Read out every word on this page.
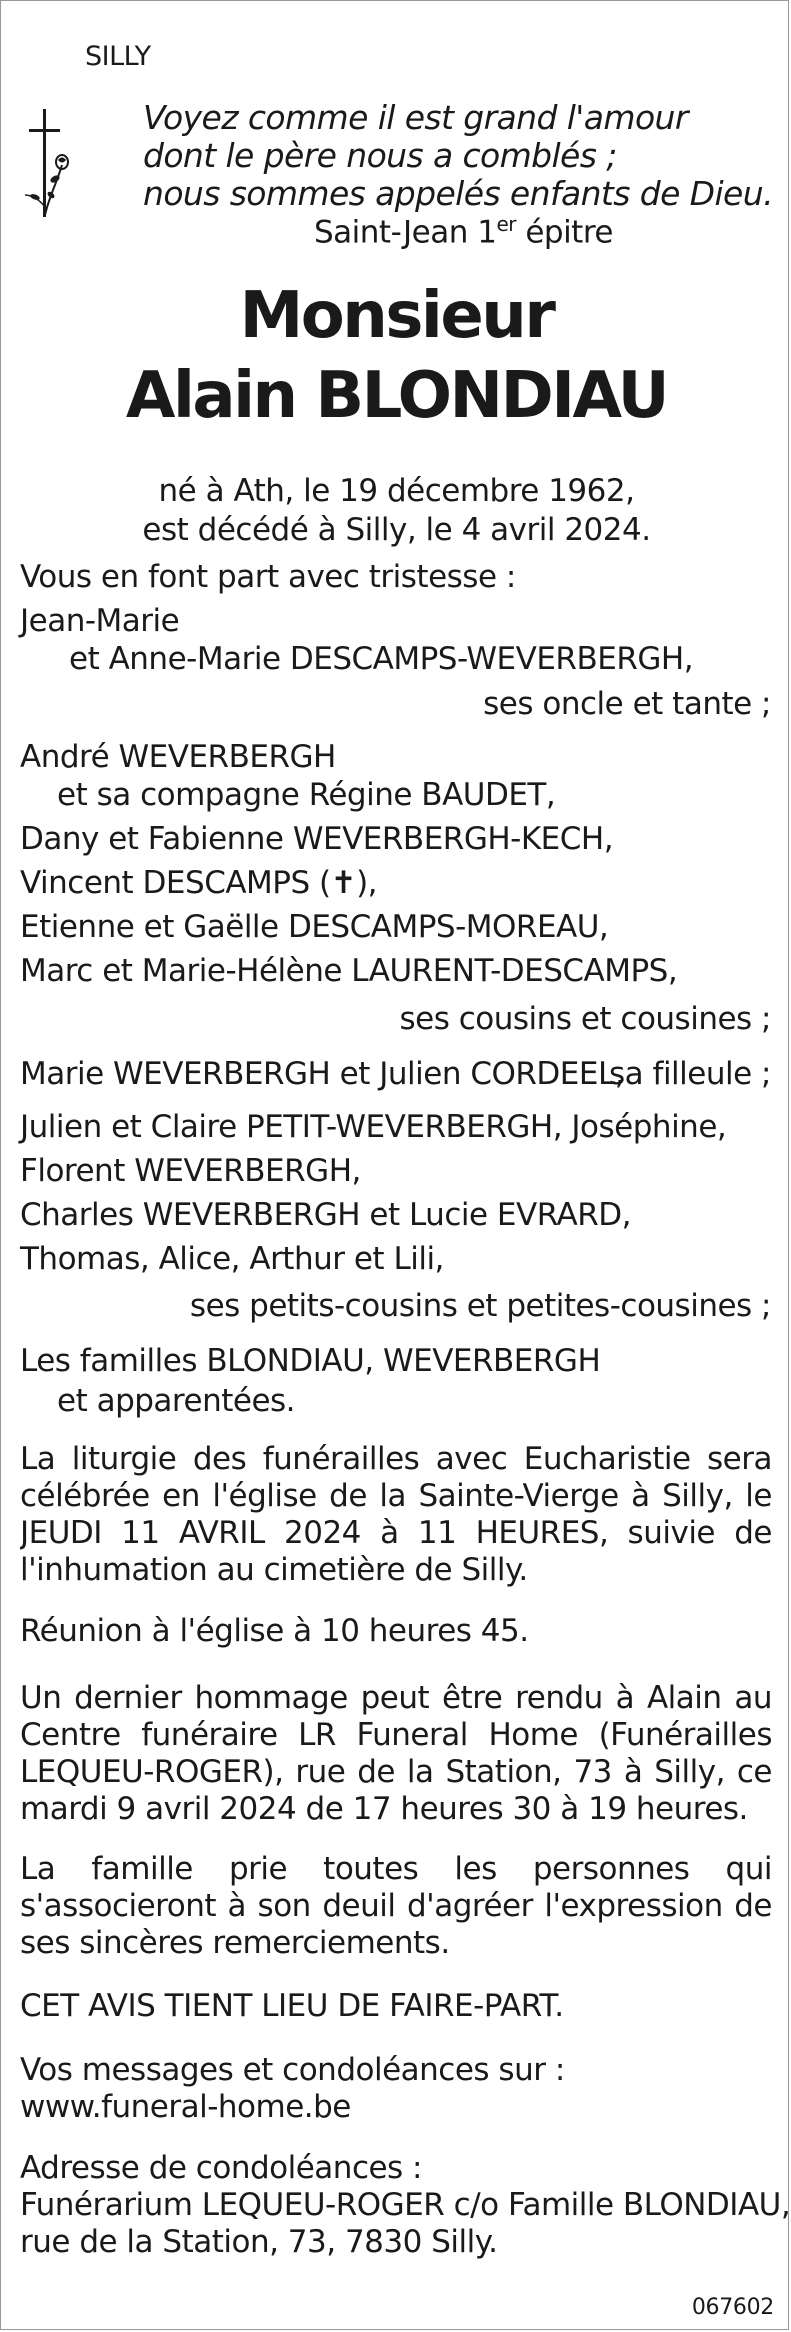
SILLY
Voyez comme il est grand l'amour
dont le père nous a comblés ;
nous sommes appelés enfants de Dieu.
Saint-Jean 1er épitre
Monsieur
Alain BLONDIAU
né à Ath, le 19 décembre 1962,
est décédé à Silly, le 4 avril 2024.
Vous en font part avec tristesse :
Jean-Marie
et Anne-Marie DESCAMPS-WEVERBERGH,
ses oncle et tante ;
André WEVERBERGH
et sa compagne Régine BAUDET,
Dany et Fabienne WEVERBERGH-KECH,
Vincent DESCAMPS (✝),
Etienne et Gaëlle DESCAMPS-MOREAU,
Marc et Marie-Hélène LAURENT-DESCAMPS,
ses cousins et cousines ;
Marie WEVERBERGH et Julien CORDEEL,
sa filleule ;
Julien et Claire PETIT-WEVERBERGH, Joséphine,
Florent WEVERBERGH,
Charles WEVERBERGH et Lucie EVRARD,
Thomas, Alice, Arthur et Lili,
ses petits-cousins et petites-cousines ;
Les familles BLONDIAU, WEVERBERGH
et apparentées.
La liturgie des funérailles avec Eucharistie sera
célébrée en l'église de la Sainte-Vierge à Silly, le
JEUDI 11 AVRIL 2024 à 11 HEURES, suivie de
l'inhumation au cimetière de Silly.
Réunion à l'église à 10 heures 45.
Un dernier hommage peut être rendu à Alain au
Centre funéraire LR Funeral Home (Funérailles
LEQUEU-ROGER), rue de la Station, 73 à Silly, ce
mardi 9 avril 2024 de 17 heures 30 à 19 heures.
La famille prie toutes les personnes qui
s'associeront à son deuil d'agréer l'expression de
ses sincères remerciements.
CET AVIS TIENT LIEU DE FAIRE-PART.
Vos messages et condoléances sur :
www.funeral-home.be
Adresse de condoléances :
Funérarium LEQUEU-ROGER c/o Famille BLONDIAU,
rue de la Station, 73, 7830 Silly.
067602
